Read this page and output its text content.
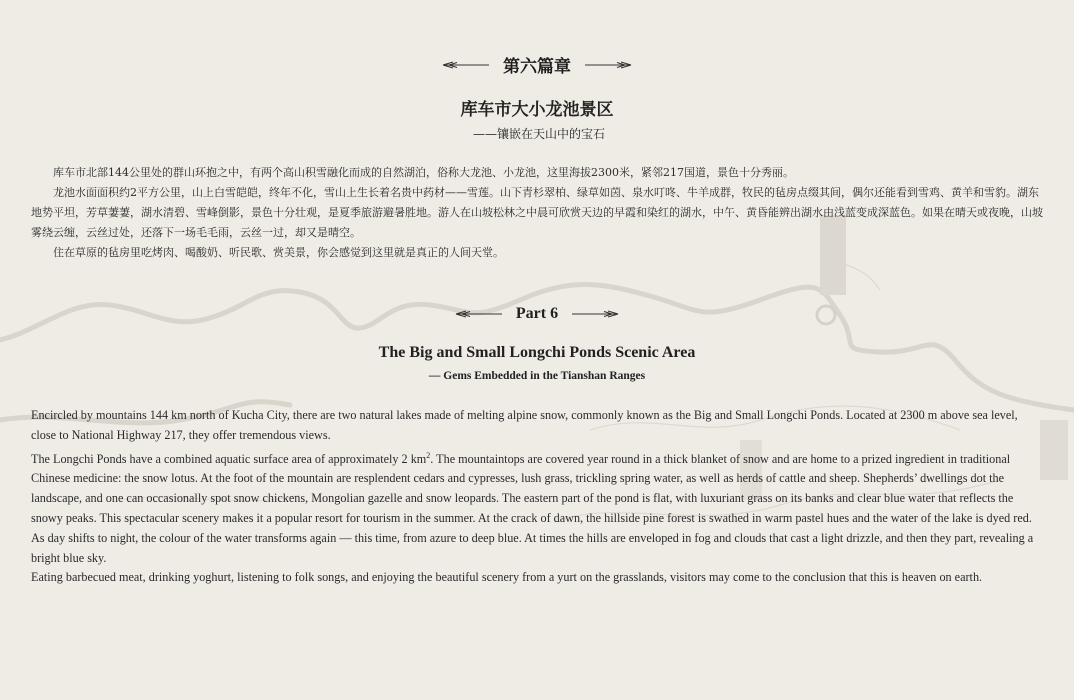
第六篇章
库车市大小龙池景区
——镶嵌在天山中的宝石

库车市北部144公里处的群山环抱之中，有两个高山积雪融化而成的自然湖泊，俗称大龙池、小龙池，这里海拔2300米，紧邻217国道，景色十分秀丽。

龙池水面面积约2平方公里，山上白雪皑皑，终年不化，雪山上生长着名贵中药材——雪莲。山下青杉翠柏、绿草如茵、泉水叮咚、牛羊成群，牧民的毡房点缀其间，偶尔还能看到雪鸡、黄羊和雪豹。湖东地势平坦，芳草萋萋，湖水清碧、雪峰倒影，景色十分壮观，是夏季旅游避暑胜地。游人在山坡松林之中晨可欣赏天边的早霞和染红的湖水，中午、黄昏能辨出湖水由浅蓝变成深蓝色。如果在晴天或夜晚，山坡雾绕云缠，云丝过处，还落下一场毛毛雨，云丝一过，却又是晴空。

住在草原的毡房里吃烤肉、喝酸奶、听民歌、赏美景，你会感觉到这里就是真正的人间天堂。

Part 6
The Big and Small Longchi Ponds Scenic Area
— Gems Embedded in the Tianshan Ranges

Encircled by mountains 144 km north of Kucha City, there are two natural lakes made of melting alpine snow, commonly known as the Big and Small Longchi Ponds. Located at 2300 m above sea level, close to National Highway 217, they offer tremendous views.

The Longchi Ponds have a combined aquatic surface area of approximately 2 $km^2$. The mountaintops are covered year round in a thick blanket of snow and are home to a prized ingredient in traditional Chinese medicine: the snow lotus. At the foot of the mountain are resplendent cedars and cypresses, lush grass, trickling spring water, as well as herds of cattle and sheep. Shepherds’ dwellings dot the landscape, and one can occasionally spot snow chickens, Mongolian gazelle and snow leopards. The eastern part of the pond is flat, with luxuriant grass on its banks and clear blue water that reflects the snowy peaks. This spectacular scenery makes it a popular resort for tourism in the summer. At the crack of dawn, the hillside pine forest is swathed in warm pastel hues and the water of the lake is dyed red. As day shifts to night, the colour of the water transforms again — this time, from azure to deep blue. At times the hills are enveloped in fog and clouds that cast a light drizzle, and then they part, revealing a bright blue sky.

Eating barbecued meat, drinking yoghurt, listening to folk songs, and enjoying the beautiful scenery from a yurt on the grasslands, visitors may come to the conclusion that this is heaven on earth.
